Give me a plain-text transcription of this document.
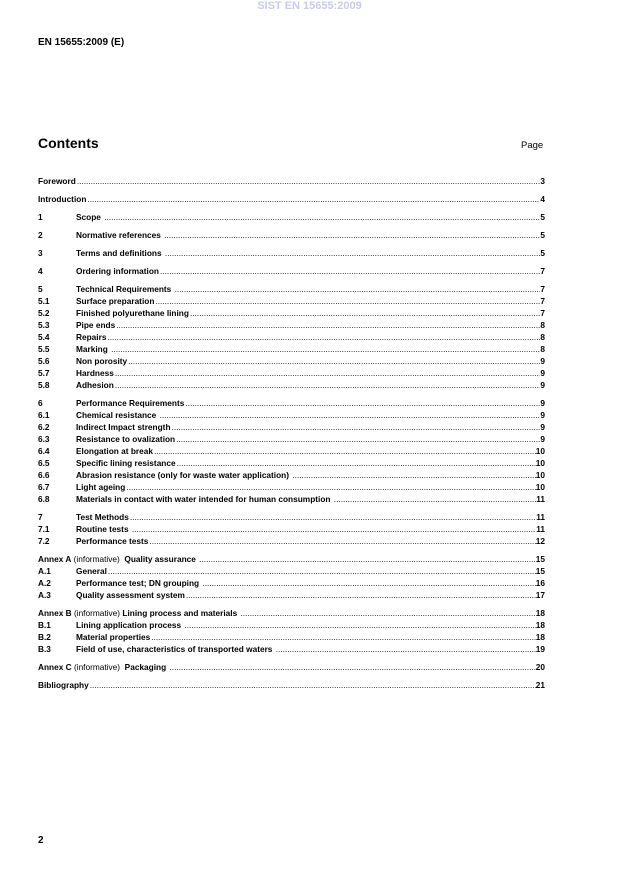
SIST EN 15655:2009
EN 15655:2009 (E)
Contents	Page
Foreword .....	3
Introduction .....	4
1	Scope .....	5
2	Normative references .....	5
3	Terms and definitions .....	5
4	Ordering information .....	7
5	Technical Requirements .....	7
5.1	Surface preparation .....	7
5.2	Finished polyurethane lining .....	7
5.3	Pipe ends .....	8
5.4	Repairs .....	8
5.5	Marking .....	8
5.6	Non porosity .....	9
5.7	Hardness .....	9
5.8	Adhesion .....	9
6	Performance Requirements .....	9
6.1	Chemical resistance .....	9
6.2	Indirect Impact strength .....	9
6.3	Resistance to ovalization .....	9
6.4	Elongation at break .....	10
6.5	Specific lining resistance .....	10
6.6	Abrasion resistance (only for waste water application) .....	10
6.7	Light ageing .....	10
6.8	Materials in contact with water intended for human consumption .....	11
7	Test Methods .....	11
7.1	Routine tests .....	11
7.2	Performance tests .....	12
Annex A (informative) Quality assurance .....	15
A.1	General .....	15
A.2	Performance test; DN grouping .....	16
A.3	Quality assessment system .....	17
Annex B (informative) Lining process and materials .....	18
B.1	Lining application process .....	18
B.2	Material properties .....	18
B.3	Field of use, characteristics of transported waters .....	19
Annex C (informative) Packaging .....	20
Bibliography .....	21
2
